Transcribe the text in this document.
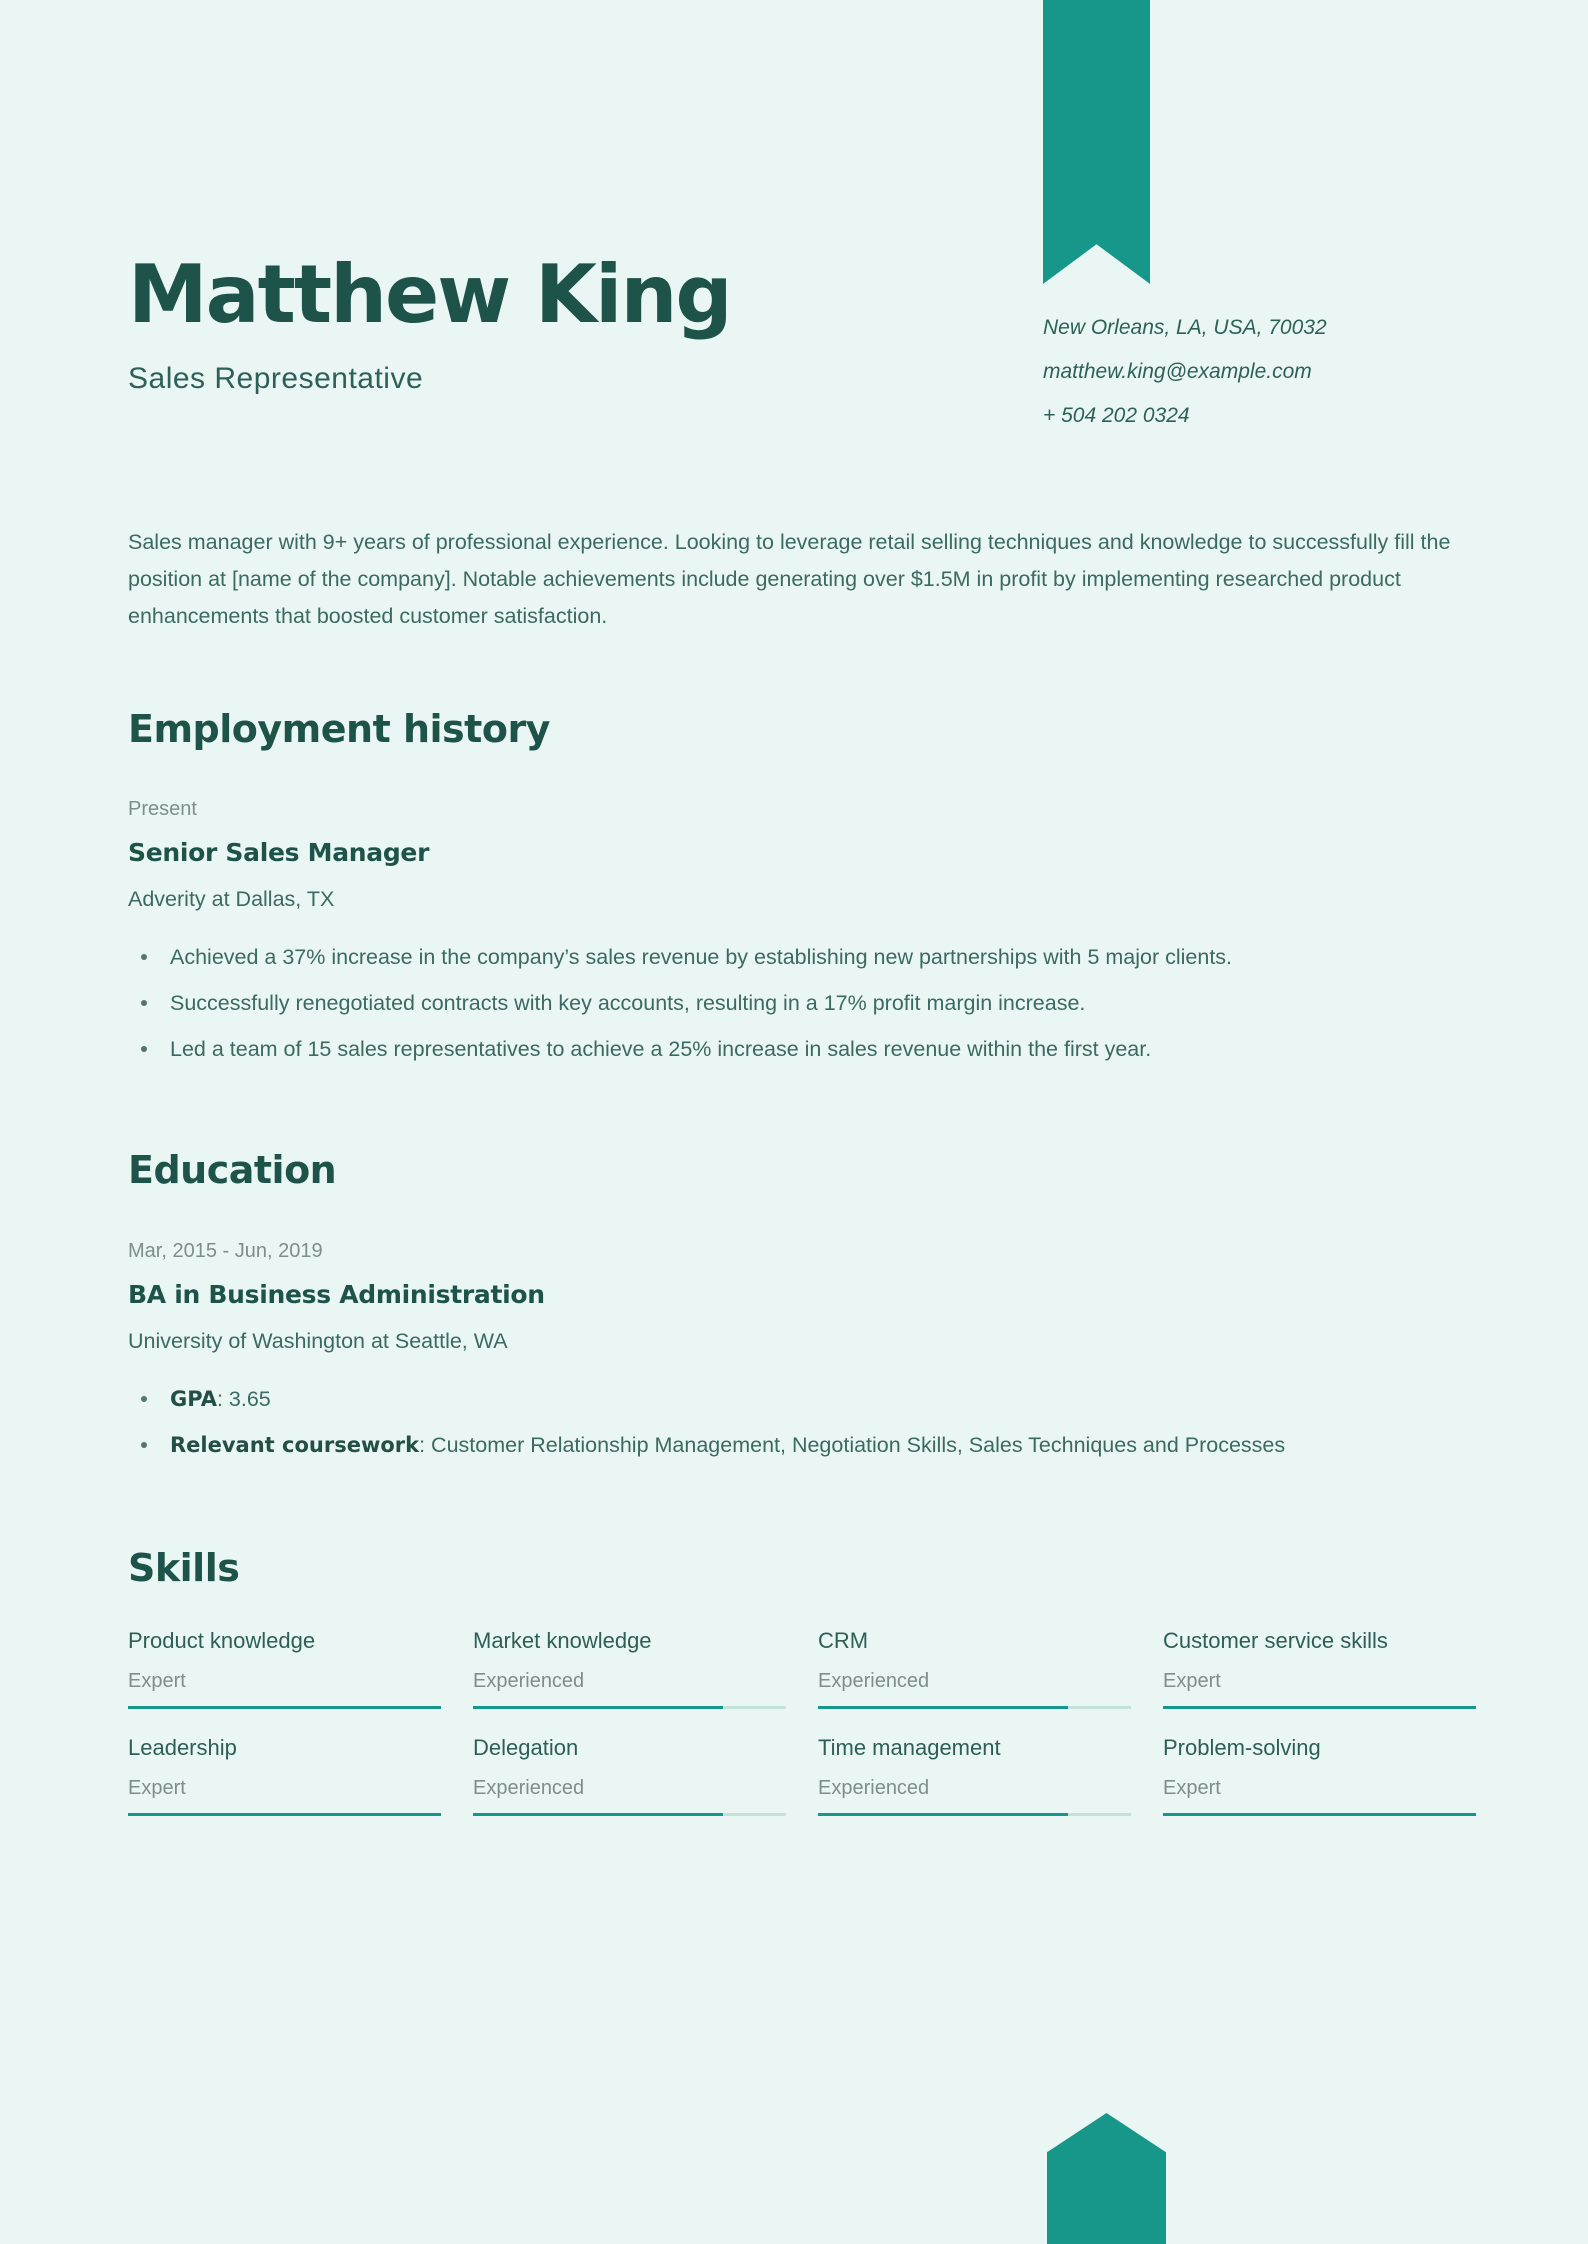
New Orleans, LA, USA, 70032
matthew.king@example.com
+ 504 202 0324
Matthew King
Sales Representative

Sales manager with 9+ years of professional experience. Looking to leverage retail selling techniques and knowledge to successfully fill the position at [name of the company]. Notable achievements include generating over $1.5M in profit by implementing researched product enhancements that boosted customer satisfaction.

Employment history
Present
Senior Sales Manager
Adverity at Dallas, TX
Achieved a 37% increase in the company’s sales revenue by establishing new partnerships with 5 major clients.
Successfully renegotiated contracts with key accounts, resulting in a 17% profit margin increase.
Led a team of 15 sales representatives to achieve a 25% increase in sales revenue within the first year.
Education
Mar, 2015 - Jun, 2019
BA in Business Administration
University of Washington at Seattle, WA
GPA: 3.65
Relevant coursework: Customer Relationship Management, Negotiation Skills, Sales Techniques and Processes
Skills
Product knowledge
Expert
Market knowledge
Experienced
CRM
Experienced
Customer service skills
Expert
Leadership
Expert
Delegation
Experienced
Time management
Experienced
Problem-solving
Expert
